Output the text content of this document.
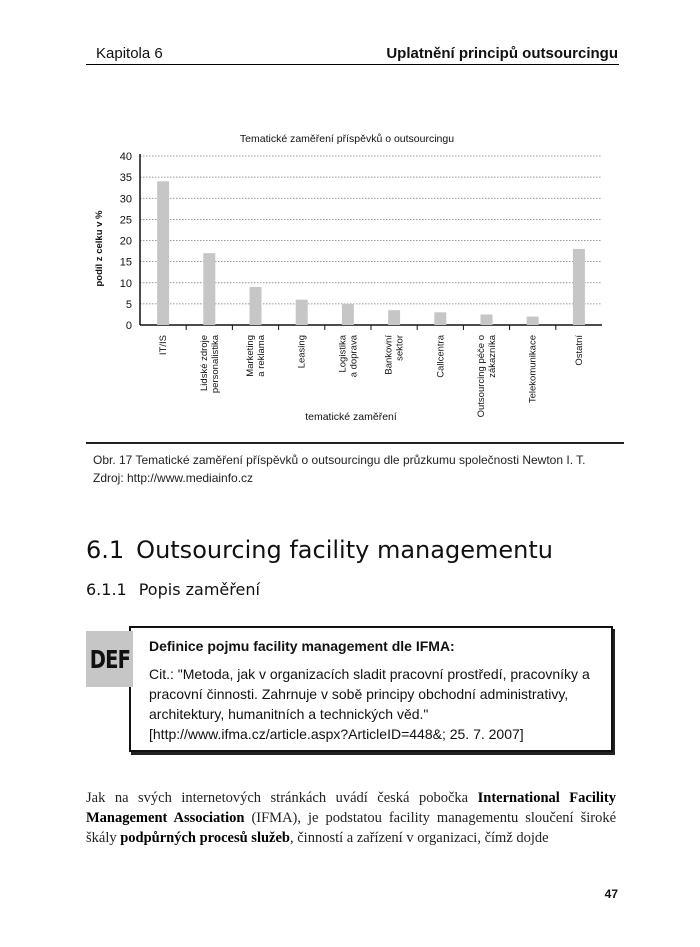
Kapitola 6	Uplatnění principů outsourcingu
Tematické zaměření příspěvků o outsourcingu
0
5
10
15
20
25
30
35
40
IT/IS	Lidské zdroje personalistika	Marketing a reklama	Leasing	Logistika a doprava	Bankovní sektor	Callcentra	Outsourcing péče o zákazníka	Telekomunikace	Ostatní
podíl z celku v %
tematické zaměření
Obr. 17 Tematické zaměření příspěvků o outsourcingu dle průzkumu společnosti Newton I. T.
Zdroj: http://www.mediainfo.cz
6.1 Outsourcing facility managementu
6.1.1 Popis zaměření
Definice pojmu facility management dle IFMA:

Cit.: "Metoda, jak v organizacích sladit pracovní prostředí, pracovníky a pracovní činnosti. Zahrnuje v sobě principy obchodní administrativy, architektury, humanitních a technických věd." [http://www.ifma.cz/article.aspx?ArticleID=448&; 25. 7. 2007]

DEF

Jak na svých internetových stránkách uvádí česká pobočka International Facility Management Association (IFMA), je podstatou facility managementu sloučení široké škály podpůrných procesů služeb, činností a zařízení v organizaci, čímž dojde

47
